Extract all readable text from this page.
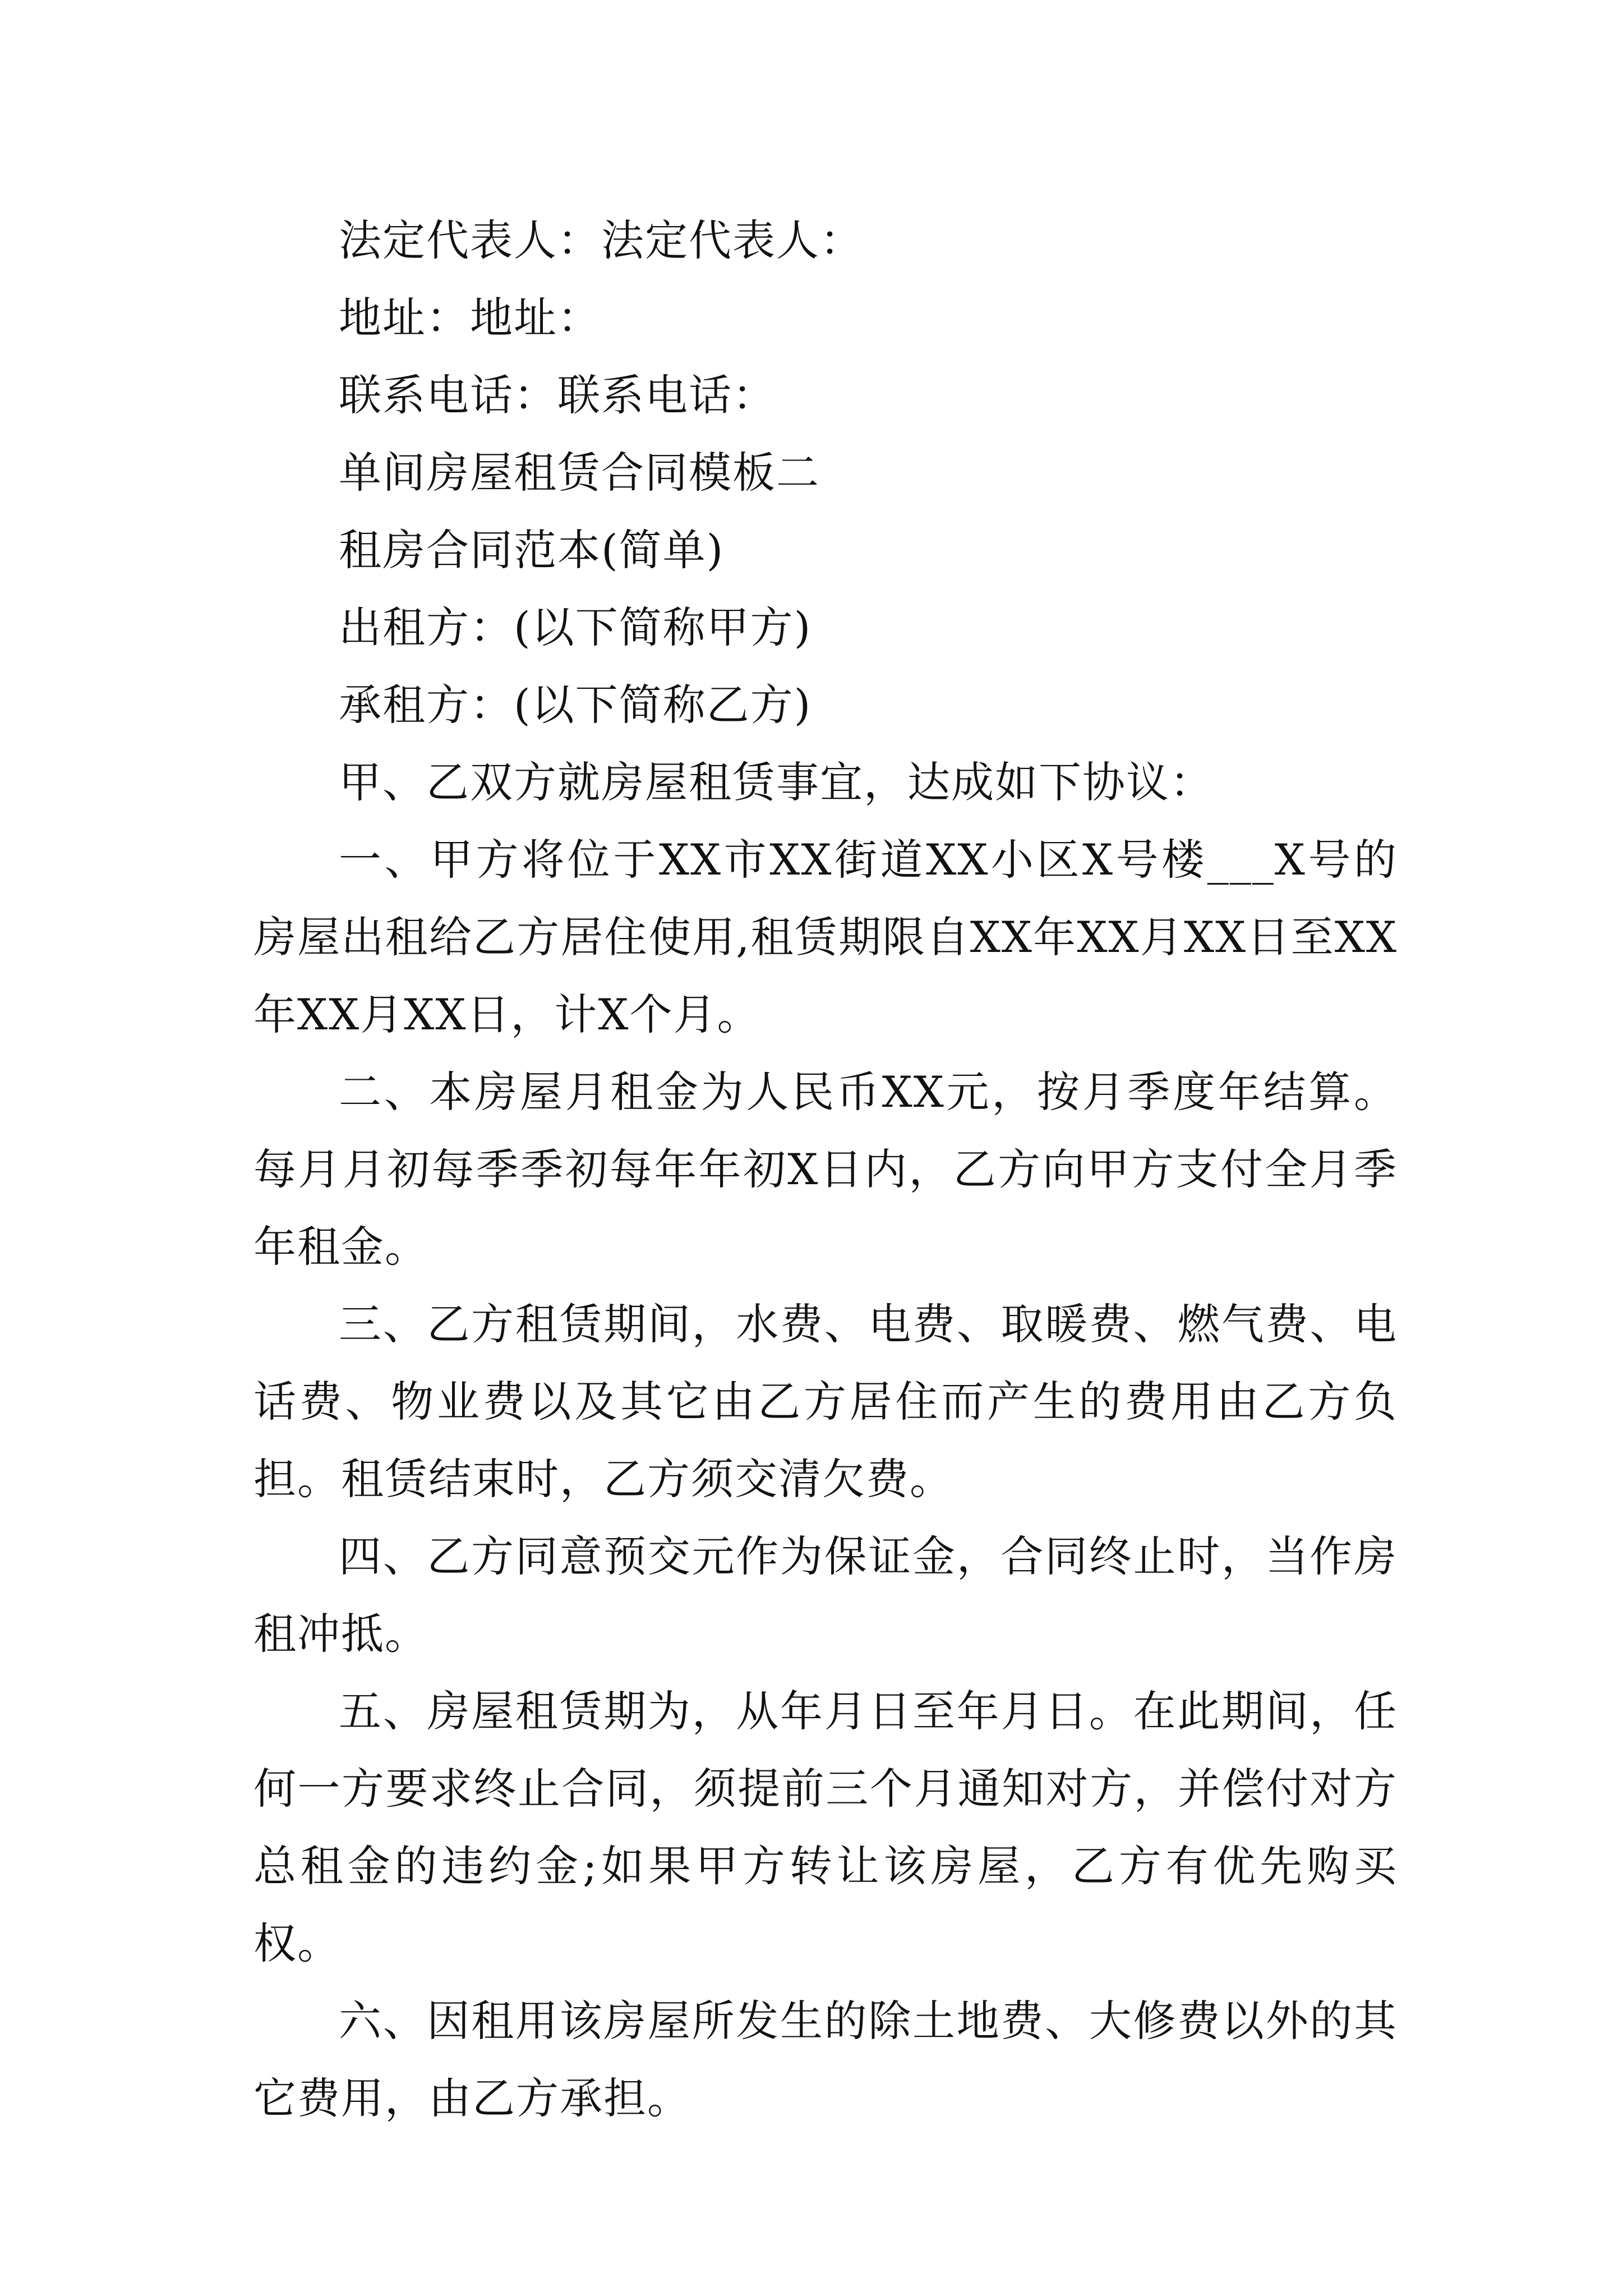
法定代表人：法定代表人：
地址：地址：
联系电话：联系电话：
单间房屋租赁合同模板二
租房合同范本(简单)
出租方：(以下简称甲方)
承租方：(以下简称乙方)
甲、乙双方就房屋租赁事宜，达成如下协议：

一、甲方将位于XX市XX街道XX小区X号楼___X号的房屋出租给乙方居住使用,租赁期限自XX年XX月XX日至XX年XX月XX日，计X个月。

二、本房屋月租金为人民币XX元，按月季度年结算。每月月初每季季初每年年初X日内，乙方向甲方支付全月季年租金。

三、乙方租赁期间，水费、电费、取暖费、燃气费、电话费、物业费以及其它由乙方居住而产生的费用由乙方负担。租赁结束时，乙方须交清欠费。

四、乙方同意预交元作为保证金，合同终止时，当作房租冲抵。

五、房屋租赁期为，从年月日至年月日。在此期间，任何一方要求终止合同，须提前三个月通知对方，并偿付对方总租金的违约金;如果甲方转让该房屋，乙方有优先购买权。

六、因租用该房屋所发生的除土地费、大修费以外的其它费用，由乙方承担。
